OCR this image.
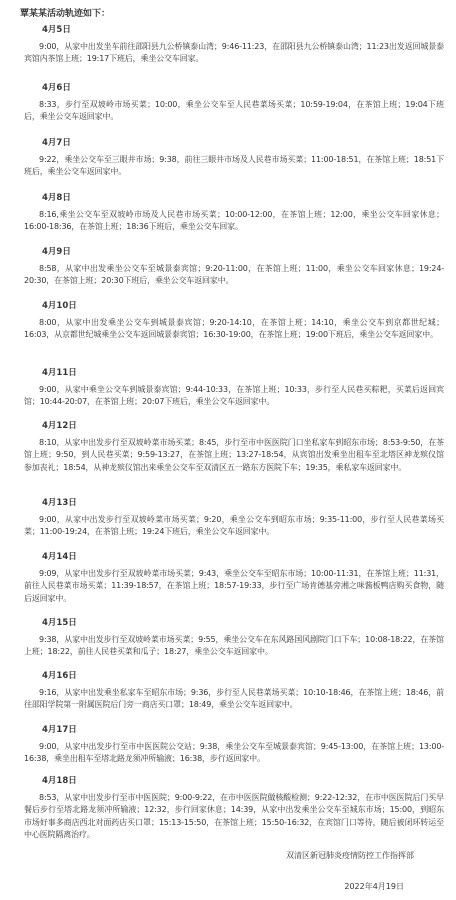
覃某某活动轨迹如下：
4月5日
9:00，从家中出发坐车前往邵阳县九公桥镇泰山湾；9:46-11:23，在邵阳县九公桥镇泰山湾；11:23出发返回城景泰宾馆内茶馆上班；19:17下班后，乘坐公交车回家。
4月6日
8:33，步行至双坡岭市场买菜；10:00，乘坐公交车至人民巷菜场买菜；10:59-19:04，在茶馆上班；19:04下班后，乘坐公交车返回家中。
4月7日
9:22，乘坐公交车至三眼井市场；9:38，前往三眼井市场及人民巷市场买菜；11:00-18:51，在茶馆上班；18:51下班后，乘坐公交车返回家中。
4月8日
8:16,乘坐公交车至双坡岭市场及人民巷市场买菜；10:00-12:00，在茶馆上班；12:00，乘坐公交车回家休息；16:00-18:36，在茶馆上班；18:36下班后，乘坐公交车回家。
4月9日
8:58，从家中出发乘坐公交车至城景泰宾馆；9:20-11:00，在茶馆上班；11:00，乘坐公交车回家休息；19:24-20:30，在茶馆上班；20:30下班后，乘坐公交车返回家中。
4月10日
8:00，从家中出发乘坐公交车到城景泰宾馆；9:20-14:10，在茶馆上班；14:10，乘坐公交车到京都世纪城；16:03，从京都世纪城乘坐公交车返回城景泰宾馆；16:30-19:00，在茶馆上班；19:00下班后，乘坐公交车返回家中。
4月11日
9:00，从家中乘坐公交车到城景泰宾馆；9:44-10:33，在茶馆上班；10:33，步行至人民巷买粽粑，买菜后返回宾馆；10:44-20:07，在茶馆上班；20:07下班后，乘坐公交车返回家中。
4月12日
8:10，从家中出发步行至双坡岭菜市场买菜；8:45，步行至市中医医院门口坐私家车到昭东市场；8:53-9:50，在茶馆上班；9:50，到人民巷买菜；9:59-13:27，在茶馆上班；13:27-18:54，从宾馆出发乘坐出租车至北塔区神龙殡仪馆参加丧礼；18:54，从神龙殡仪馆出来乘坐公交车至双清区五一路东方医院下车；19:35，乘私家车返回家中。
4月13日
9:00，从家中出发步行至双坡岭菜市场买菜；9:20，乘坐公交车到昭东市场；9:35-11:00，步行至人民巷菜场买菜；11:00-19:24，在茶馆上班；19:24下班后，乘坐公交车返回家中。
4月14日
9:09，从家中出发步行至双坡岭菜市场买菜；9:43，乘坐公交车至昭东市场；10:00-11:31，在茶馆上班；11:31，前往人民巷菜市场买菜；11:39-18:57，在茶馆上班；18:57-19:33，步行至广场肯德基旁湘之味酱板鸭店购买食物，随后返回家中。
4月15日
9:38，从家中出发步行至双坡岭菜市场买菜；9:55，乘坐公交车在东风路国风剧院门口下车；10:08-18:22，在茶馆上班；18:22，前往人民巷买菜和瓜子；18:27，乘坐公交车返回家中。
4月16日
9:16，从家中出发乘坐私家车至昭东市场；9:36，步行至人民巷菜场买菜；10:10-18:46，在茶馆上班；18:46，前往邵阳学院第一附属医院后门旁一商店买口罩；18:49，乘坐公交车返回家中。
4月17日
9:00，从家中出发步行至市中医医院公交站；9:38，乘坐公交车至城景泰宾馆；9:45-13:00，在茶馆上班；13:00-16:38，乘坐出租车至塔北路龙须冲所输液；16:38，步行返回家中。
4月18日
8:53，从家中出发步行至市中医医院；9:00-9:22，在市中医医院做核酸检测；9:22-12:32，在市中医医院后门买早餐后步行至塔北路龙须冲所输液；12:32，步行回家休息；14:39，从家中出发乘坐公交车至城东市场；15:00，到昭东市场好事多商店西北对面药店买口罩；15:13-15:50，在茶馆上班；15:50-16:32，在宾馆门口等待，随后被闭环转运至中心医院隔离治疗。
双清区新冠肺炎疫情防控工作指挥部
2022年4月19日
